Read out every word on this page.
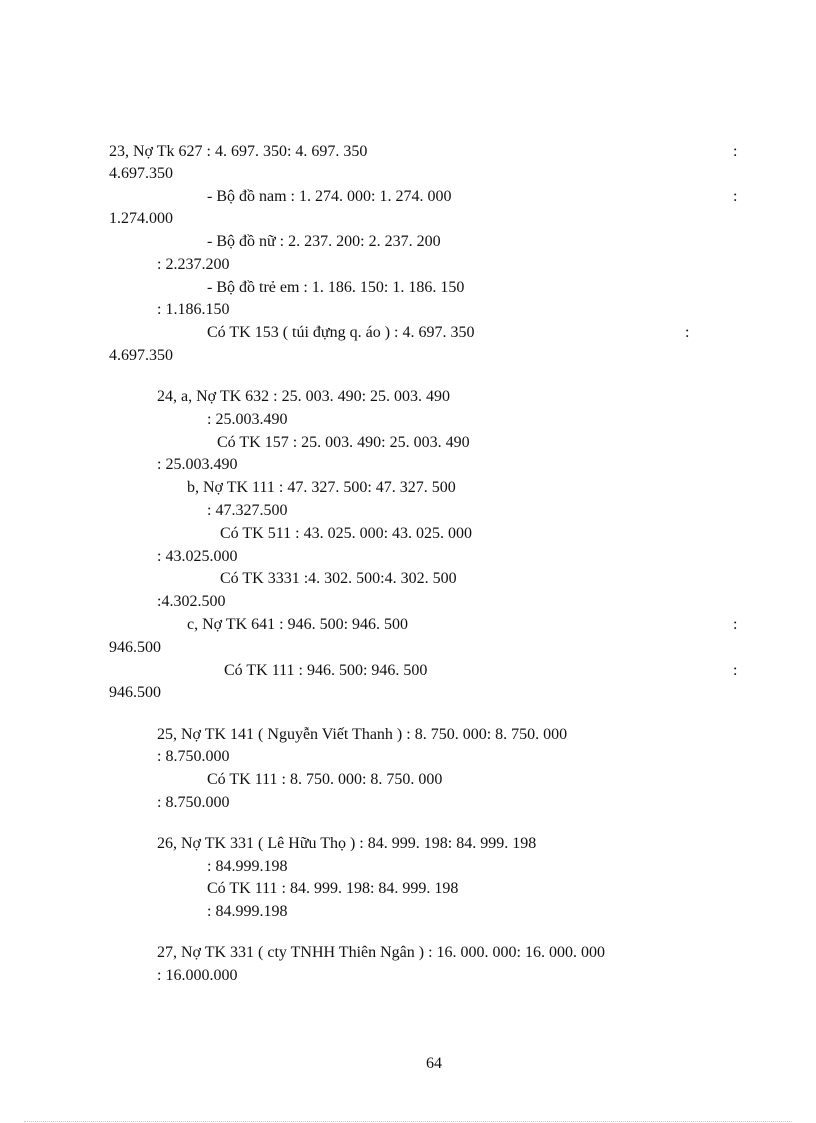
23, Nợ Tk 627 : 4. 697. 350: 4. 697. 350	:
4.697.350
- Bộ đồ nam : 1. 274. 000: 1. 274. 000	:
1.274.000
- Bộ đồ nữ : 2. 237. 200: 2. 237. 200
: 2.237.200
- Bộ đồ trẻ em : 1. 186. 150: 1. 186. 150
: 1.186.150
Có TK 153 ( túi đựng q. áo ) : 4. 697. 350	:
4.697.350
24, a, Nợ TK 632 : 25. 003. 490: 25. 003. 490
: 25.003.490
Có TK 157 : 25. 003. 490: 25. 003. 490
: 25.003.490
b, Nợ TK 111 : 47. 327. 500: 47. 327. 500
: 47.327.500
Có TK 511 : 43. 025. 000: 43. 025. 000
: 43.025.000
Có TK 3331 :4. 302. 500:4. 302. 500
:4.302.500
c, Nợ TK 641 : 946. 500: 946. 500	:
946.500
Có TK 111 : 946. 500: 946. 500	:
946.500
25, Nợ TK 141 ( Nguyễn Viết Thanh ) : 8. 750. 000: 8. 750. 000
: 8.750.000
Có TK 111 : 8. 750. 000: 8. 750. 000
: 8.750.000
26, Nợ TK 331 ( Lê Hữu Thọ ) : 84. 999. 198: 84. 999. 198
: 84.999.198
Có TK 111 : 84. 999. 198: 84. 999. 198
: 84.999.198
27, Nợ TK 331 ( cty TNHH Thiên Ngân ) : 16. 000. 000: 16. 000. 000
: 16.000.000
64
